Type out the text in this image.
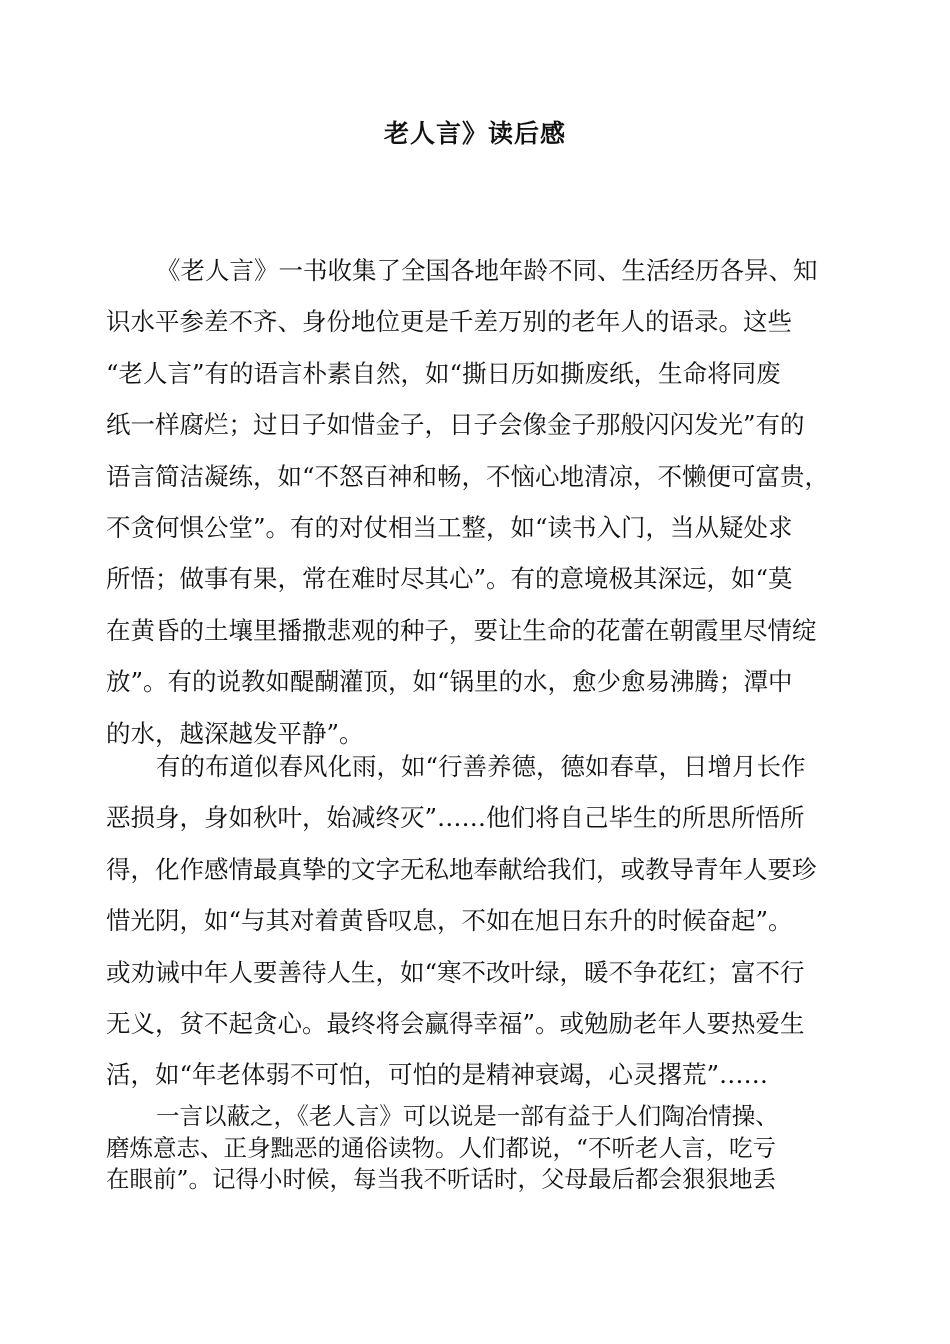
老人言》读后感
《老人言》一书收集了全国各地年龄不同、生活经历各异、知
识水平参差不齐、身份地位更是千差万别的老年人的语录。这些
“老人言”有的语言朴素自然，如“撕日历如撕废纸，生命将同废
纸一样腐烂；过日子如惜金子，日子会像金子那般闪闪发光”有的
语言简洁凝练，如“不怒百神和畅，不恼心地清凉，不懒便可富贵，
不贪何惧公堂”。有的对仗相当工整，如“读书入门，当从疑处求
所悟；做事有果，常在难时尽其心”。有的意境极其深远，如“莫
在黄昏的土壤里播撒悲观的种子，要让生命的花蕾在朝霞里尽情绽
放”。有的说教如醍醐灌顶，如“锅里的水，愈少愈易沸腾；潭中
的水，越深越发平静”。
有的布道似春风化雨，如“行善养德，德如春草，日增月长作
恶损身，身如秋叶，始减终灭”……他们将自己毕生的所思所悟所
得，化作感情最真挚的文字无私地奉献给我们，或教导青年人要珍
惜光阴，如“与其对着黄昏叹息，不如在旭日东升的时候奋起”。
或劝诫中年人要善待人生，如“寒不改叶绿，暖不争花红；富不行
无义，贫不起贪心。最终将会赢得幸福”。或勉励老年人要热爱生
活，如“年老体弱不可怕，可怕的是精神衰竭，心灵撂荒”……
一言以蔽之，《老人言》可以说是一部有益于人们陶冶情操、
磨炼意志、正身黜恶的通俗读物。人们都说，“不听老人言，吃亏
在眼前”。记得小时候，每当我不听话时，父母最后都会狠狠地丢
